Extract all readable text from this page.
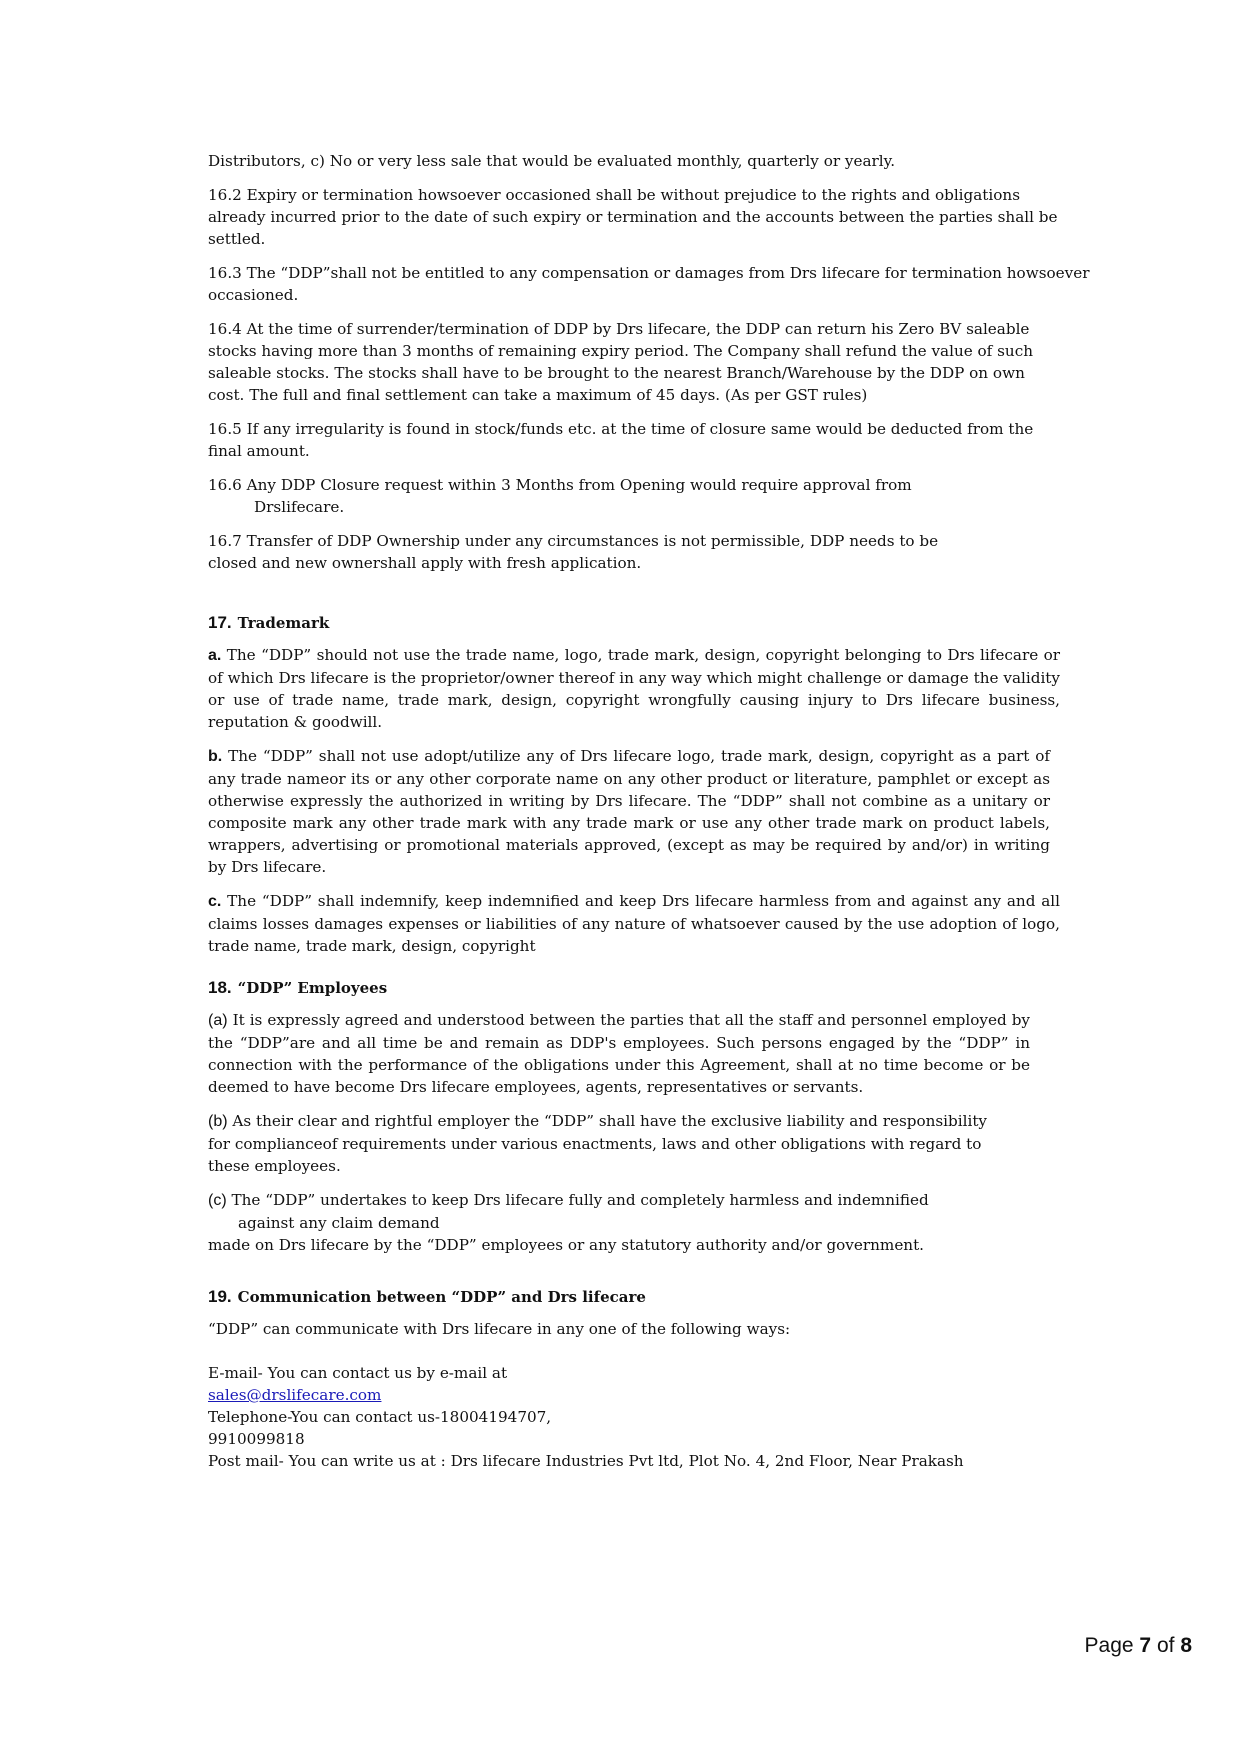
Distributors, c) No or very less sale that would be evaluated monthly, quarterly or yearly.

16.2 Expiry or termination howsoever occasioned shall be without prejudice to the rights and obligations already incurred prior to the date of such expiry or termination and the accounts between the parties shall be settled.

16.3 The “DDP”shall not be entitled to any compensation or damages from Drs lifecare for termination howsoever

occasioned.

16.4 At the time of surrender/termination of DDP by Drs lifecare, the DDP can return his Zero BV saleable stocks having more than 3 months of remaining expiry period. The Company shall refund the value of such saleable stocks. The stocks shall have to be brought to the nearest Branch/Warehouse by the DDP on own cost. The full and final settlement can take a maximum of 45 days. (As per GST rules)

16.5 If any irregularity is found in stock/funds etc. at the time of closure same would be deducted from the final amount.

16.6 Any DDP Closure request within 3 Months from Opening would require approval from

Drslifecare.

16.7 Transfer of DDP Ownership under any circumstances is not permissible, DDP needs to be closed and new ownershall apply with fresh application.

17. Trademark

a. The “DDP” should not use the trade name, logo, trade mark, design, copyright belonging to Drs lifecare or of which Drs lifecare is the proprietor/owner thereof in any way which might challenge or damage the validity or use of trade name, trade mark, design, copyright wrongfully causing injury to Drs lifecare business, reputation & goodwill.

b. The “DDP” shall not use adopt/utilize any of Drs lifecare logo, trade mark, design, copyright as a part of any trade nameor its or any other corporate name on any other product or literature, pamphlet or except as otherwise expressly the authorized in writing by Drs lifecare. The “DDP” shall not combine as a unitary or composite mark any other trade mark with any trade mark or use any other trade mark on product labels, wrappers, advertising or promotional materials approved, (except as may be required by and/or) in writing by Drs lifecare.

c. The “DDP” shall indemnify, keep indemnified and keep Drs lifecare harmless from and against any and all claims losses damages expenses or liabilities of any nature of whatsoever caused by the use adoption of logo, trade name, trade mark, design, copyright

18. “DDP” Employees

(a) It is expressly agreed and understood between the parties that all the staff and personnel employed by the “DDP”are and all time be and remain as DDP's employees. Such persons engaged by the “DDP” in connection with the performance of the obligations under this Agreement, shall at no time become or be deemed to have become Drs lifecare employees, agents, representatives or servants.

(b) As their clear and rightful employer the “DDP” shall have the exclusive liability and responsibility for complianceof requirements under various enactments, laws and other obligations with regard to these employees.

(c) The “DDP” undertakes to keep Drs lifecare fully and completely harmless and indemnified

against any claim demand

made on Drs lifecare by the “DDP” employees or any statutory authority and/or government.

19. Communication between “DDP” and Drs lifecare

“DDP” can communicate with Drs lifecare in any one of the following ways:

E-mail- You can contact us by e-mail at

sales@drslifecare.com

Telephone-You can contact us-18004194707,

9910099818

Post mail- You can write us at : Drs lifecare Industries Pvt ltd, Plot No. 4, 2nd Floor, Near Prakash

Page 7 of 8
